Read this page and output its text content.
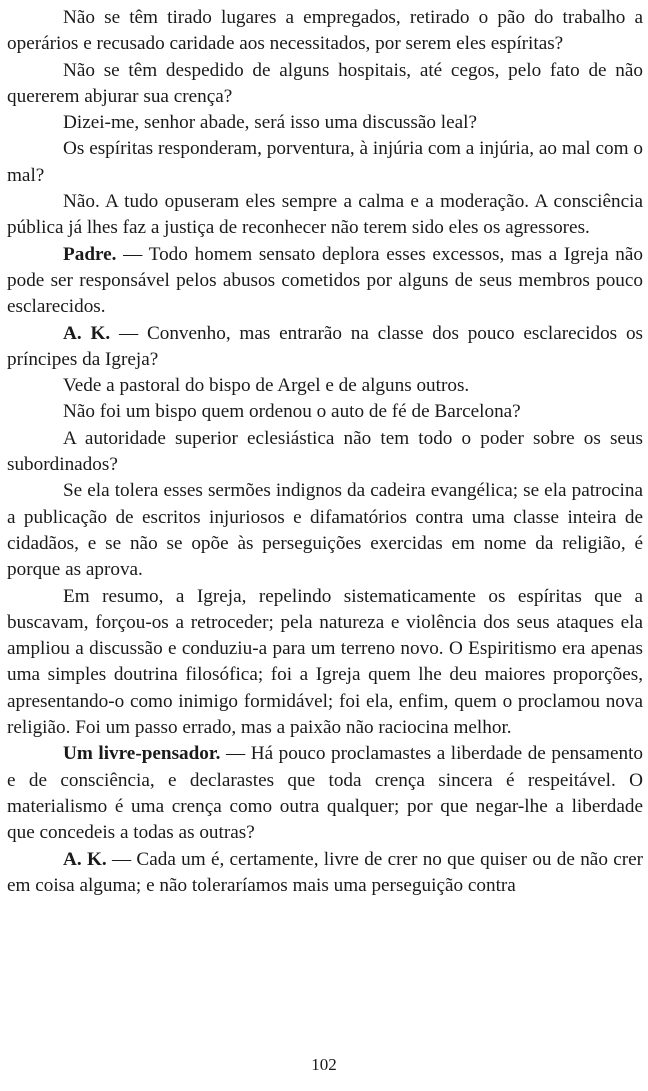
Não se têm tirado lugares a empregados, retirado o pão do trabalho a operários e recusado caridade aos necessitados, por serem eles espíritas?

Não se têm despedido de alguns hospitais, até cegos, pelo fato de não quererem abjurar sua crença?

Dizei-me, senhor abade, será isso uma discussão leal?

Os espíritas responderam, porventura, à injúria com a injúria, ao mal com o mal?

Não. A tudo opuseram eles sempre a calma e a moderação. A consciência pública já lhes faz a justiça de reconhecer não terem sido eles os agressores.

Padre. — Todo homem sensato deplora esses excessos, mas a Igreja não pode ser responsável pelos abusos cometidos por alguns de seus membros pouco esclarecidos.

A. K. — Convenho, mas entrarão na classe dos pouco esclarecidos os príncipes da Igreja?

Vede a pastoral do bispo de Argel e de alguns outros.

Não foi um bispo quem ordenou o auto de fé de Barcelona?

A autoridade superior eclesiástica não tem todo o poder sobre os seus subordinados?

Se ela tolera esses sermões indignos da cadeira evangélica; se ela patrocina a publicação de escritos injuriosos e difamatórios contra uma classe inteira de cidadãos, e se não se opõe às perseguições exercidas em nome da religião, é porque as aprova.

Em resumo, a Igreja, repelindo sistematicamente os espíritas que a buscavam, forçou-os a retroceder; pela natureza e violência dos seus ataques ela ampliou a discussão e conduziu-a para um terreno novo. O Espiritismo era apenas uma simples doutrina filosófica; foi a Igreja quem lhe deu maiores proporções, apresentando-o como inimigo formidável; foi ela, enfim, quem o proclamou nova religião. Foi um passo errado, mas a paixão não raciocina melhor.

Um livre-pensador. — Há pouco proclamastes a liberdade de pensamento e de consciência, e declarastes que toda crença sincera é respeitável. O materialismo é uma crença como outra qualquer; por que negar-lhe a liberdade que concedeis a todas as outras?

A. K. — Cada um é, certamente, livre de crer no que quiser ou de não crer em coisa alguma; e não toleraríamos mais uma perseguição contra

102
